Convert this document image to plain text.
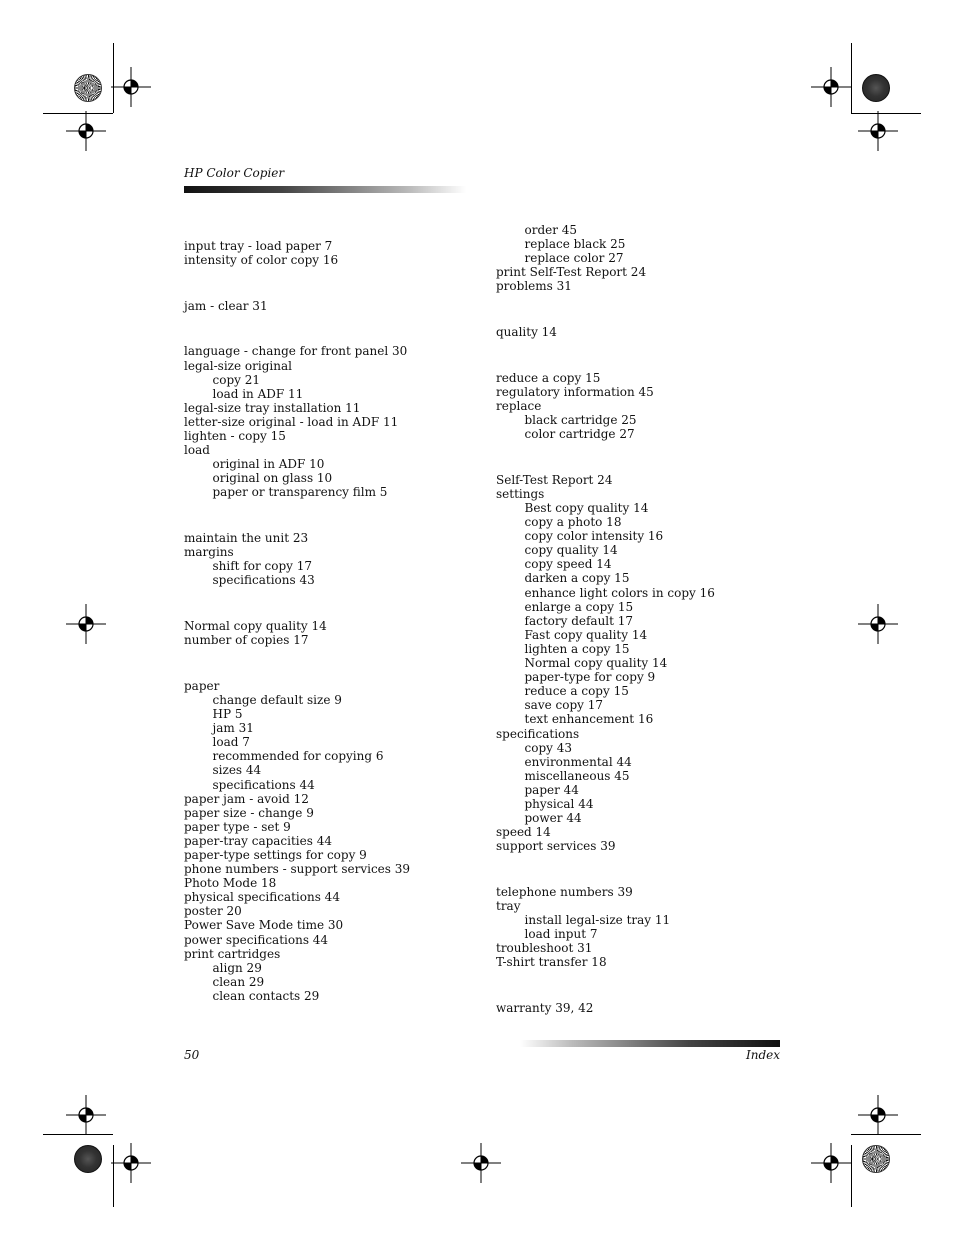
HP Color Copier
input tray - load paper 7
intensity of color copy 16
jam - clear 31
language - change for front panel 30
legal-size original
copy 21
load in ADF 11
legal-size tray installation 11
letter-size original - load in ADF 11
lighten - copy 15
load
original in ADF 10
original on glass 10
paper or transparency film 5
maintain the unit 23
margins
shift for copy 17
specifications 43
Normal copy quality 14
number of copies 17
paper
change default size 9
HP 5
jam 31
load 7
recommended for copying 6
sizes 44
specifications 44
paper jam - avoid 12
paper size - change 9
paper type - set 9
paper-tray capacities 44
paper-type settings for copy 9
phone numbers - support services 39
Photo Mode 18
physical specifications 44
poster 20
Power Save Mode time 30
power specifications 44
print cartridges
align 29
clean 29
clean contacts 29
order 45
replace black 25
replace color 27
print Self-Test Report 24
problems 31
quality 14
reduce a copy 15
regulatory information 45
replace
black cartridge 25
color cartridge 27
Self-Test Report 24
settings
Best copy quality 14
copy a photo 18
copy color intensity 16
copy quality 14
copy speed 14
darken a copy 15
enhance light colors in copy 16
enlarge a copy 15
factory default 17
Fast copy quality 14
lighten a copy 15
Normal copy quality 14
paper-type for copy 9
reduce a copy 15
save copy 17
text enhancement 16
specifications
copy 43
environmental 44
miscellaneous 45
paper 44
physical 44
power 44
speed 14
support services 39
telephone numbers 39
tray
install legal-size tray 11
load input 7
troubleshoot 31
T-shirt transfer 18
warranty 39, 42
50	Index
